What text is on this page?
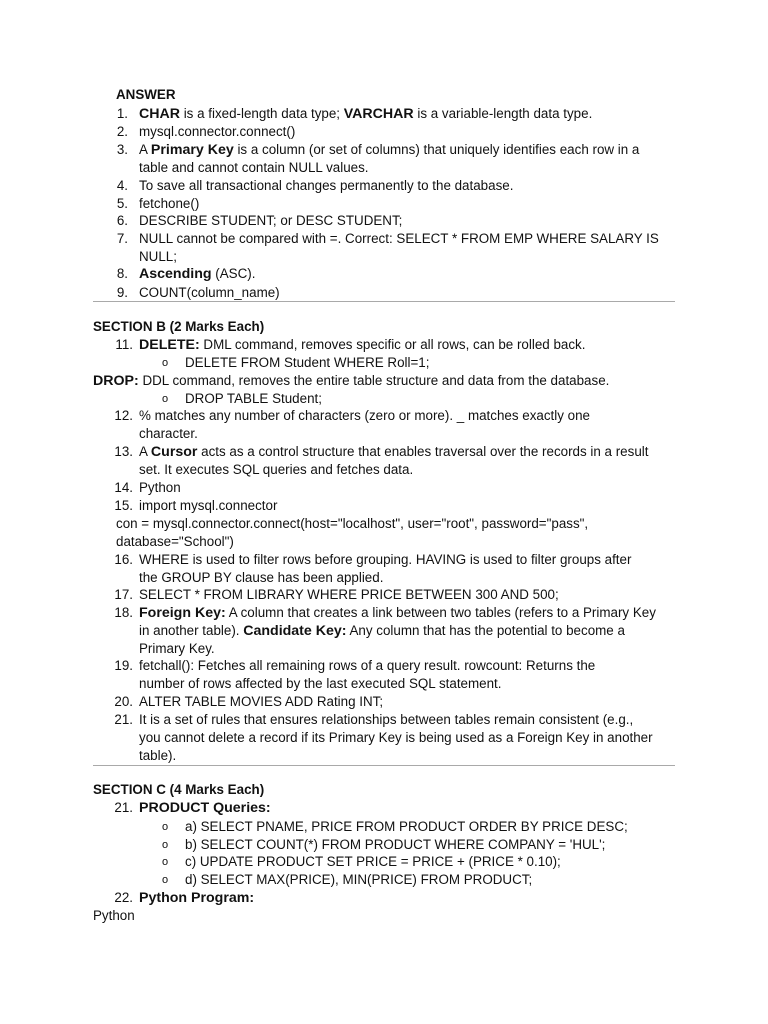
ANSWER
1. CHAR is a fixed-length data type; VARCHAR is a variable-length data type.
2. mysql.connector.connect()
3. A Primary Key is a column (or set of columns) that uniquely identifies each row in a
table and cannot contain NULL values.
4. To save all transactional changes permanently to the database.
5. fetchone()
6. DESCRIBE STUDENT; or DESC STUDENT;
7. NULL cannot be compared with =. Correct: SELECT * FROM EMP WHERE SALARY IS
NULL;
8. Ascending (ASC).
9. COUNT(column_name)
SECTION B (2 Marks Each)
11. DELETE: DML command, removes specific or all rows, can be rolled back.
o DELETE FROM Student WHERE Roll=1;
DROP: DDL command, removes the entire table structure and data from the database.
o DROP TABLE Student;
12. % matches any number of characters (zero or more). _ matches exactly one
character.
13. A Cursor acts as a control structure that enables traversal over the records in a result
set. It executes SQL queries and fetches data.
14. Python
15. import mysql.connector
con = mysql.connector.connect(host="localhost", user="root", password="pass",
database="School")
16. WHERE is used to filter rows before grouping. HAVING is used to filter groups after
the GROUP BY clause has been applied.
17. SELECT * FROM LIBRARY WHERE PRICE BETWEEN 300 AND 500;
18. Foreign Key: A column that creates a link between two tables (refers to a Primary Key
in another table). Candidate Key: Any column that has the potential to become a
Primary Key.
19. fetchall(): Fetches all remaining rows of a query result. rowcount: Returns the
number of rows affected by the last executed SQL statement.
20. ALTER TABLE MOVIES ADD Rating INT;
21. It is a set of rules that ensures relationships between tables remain consistent (e.g.,
you cannot delete a record if its Primary Key is being used as a Foreign Key in another
table).
SECTION C (4 Marks Each)
21. PRODUCT Queries:
o a) SELECT PNAME, PRICE FROM PRODUCT ORDER BY PRICE DESC;
o b) SELECT COUNT(*) FROM PRODUCT WHERE COMPANY = 'HUL';
o c) UPDATE PRODUCT SET PRICE = PRICE + (PRICE * 0.10);
o d) SELECT MAX(PRICE), MIN(PRICE) FROM PRODUCT;
22. Python Program:
Python
